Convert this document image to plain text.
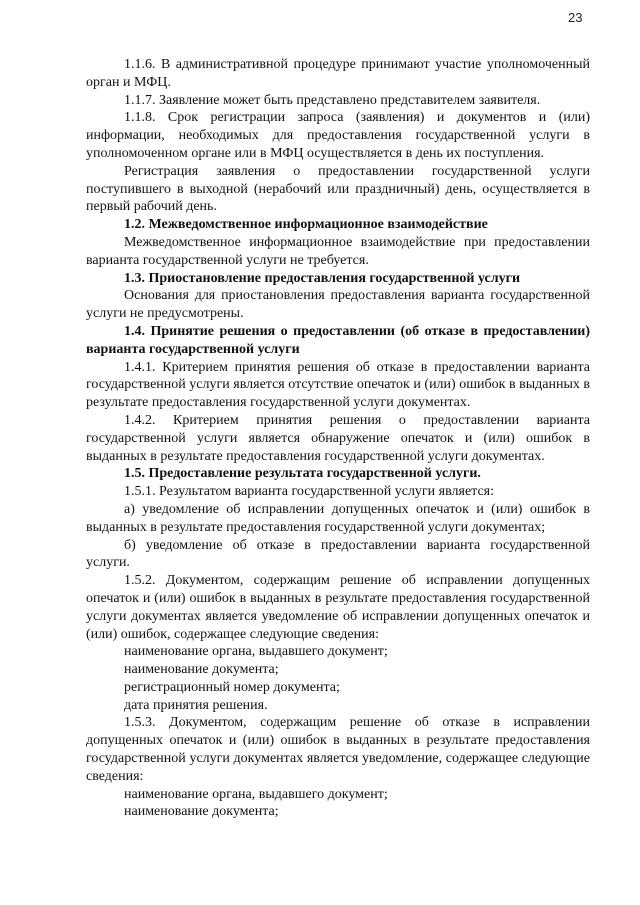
23

1.1.6. В административной процедуре принимают участие уполномоченный орган и МФЦ.

1.1.7. Заявление может быть представлено представителем заявителя.

1.1.8. Срок регистрации запроса (заявления) и документов и (или) информации, необходимых для предоставления государственной услуги в уполномоченном органе или в МФЦ осуществляется в день их поступления.

Регистрация заявления о предоставлении государственной услуги поступившего в выходной (нерабочий или праздничный) день, осуществляется в первый рабочий день.

1.2. Межведомственное информационное взаимодействие

Межведомственное информационное взаимодействие при предоставлении варианта государственной услуги не требуется.

1.3. Приостановление предоставления государственной услуги

Основания для приостановления предоставления варианта государственной услуги не предусмотрены.

1.4. Принятие решения о предоставлении (об отказе в предоставлении) варианта государственной услуги

1.4.1. Критерием принятия решения об отказе в предоставлении варианта государственной услуги является отсутствие опечаток и (или) ошибок в выданных в результате предоставления государственной услуги документах.

1.4.2. Критерием принятия решения о предоставлении варианта государственной услуги является обнаружение опечаток и (или) ошибок в выданных в результате предоставления государственной услуги документах.

1.5. Предоставление результата государственной услуги.

1.5.1. Результатом варианта государственной услуги является:

а) уведомление об исправлении допущенных опечаток и (или) ошибок в выданных в результате предоставления государственной услуги документах;

б) уведомление об отказе в предоставлении варианта государственной услуги.

1.5.2. Документом, содержащим решение об исправлении допущенных опечаток и (или) ошибок в выданных в результате предоставления государственной услуги документах является уведомление об исправлении допущенных опечаток и (или) ошибок, содержащее следующие сведения:

наименование органа, выдавшего документ;

наименование документа;

регистрационный номер документа;

дата принятия решения.

1.5.3. Документом, содержащим решение об отказе в исправлении допущенных опечаток и (или) ошибок в выданных в результате предоставления государственной услуги документах является уведомление, содержащее следующие сведения:

наименование органа, выдавшего документ;

наименование документа;
